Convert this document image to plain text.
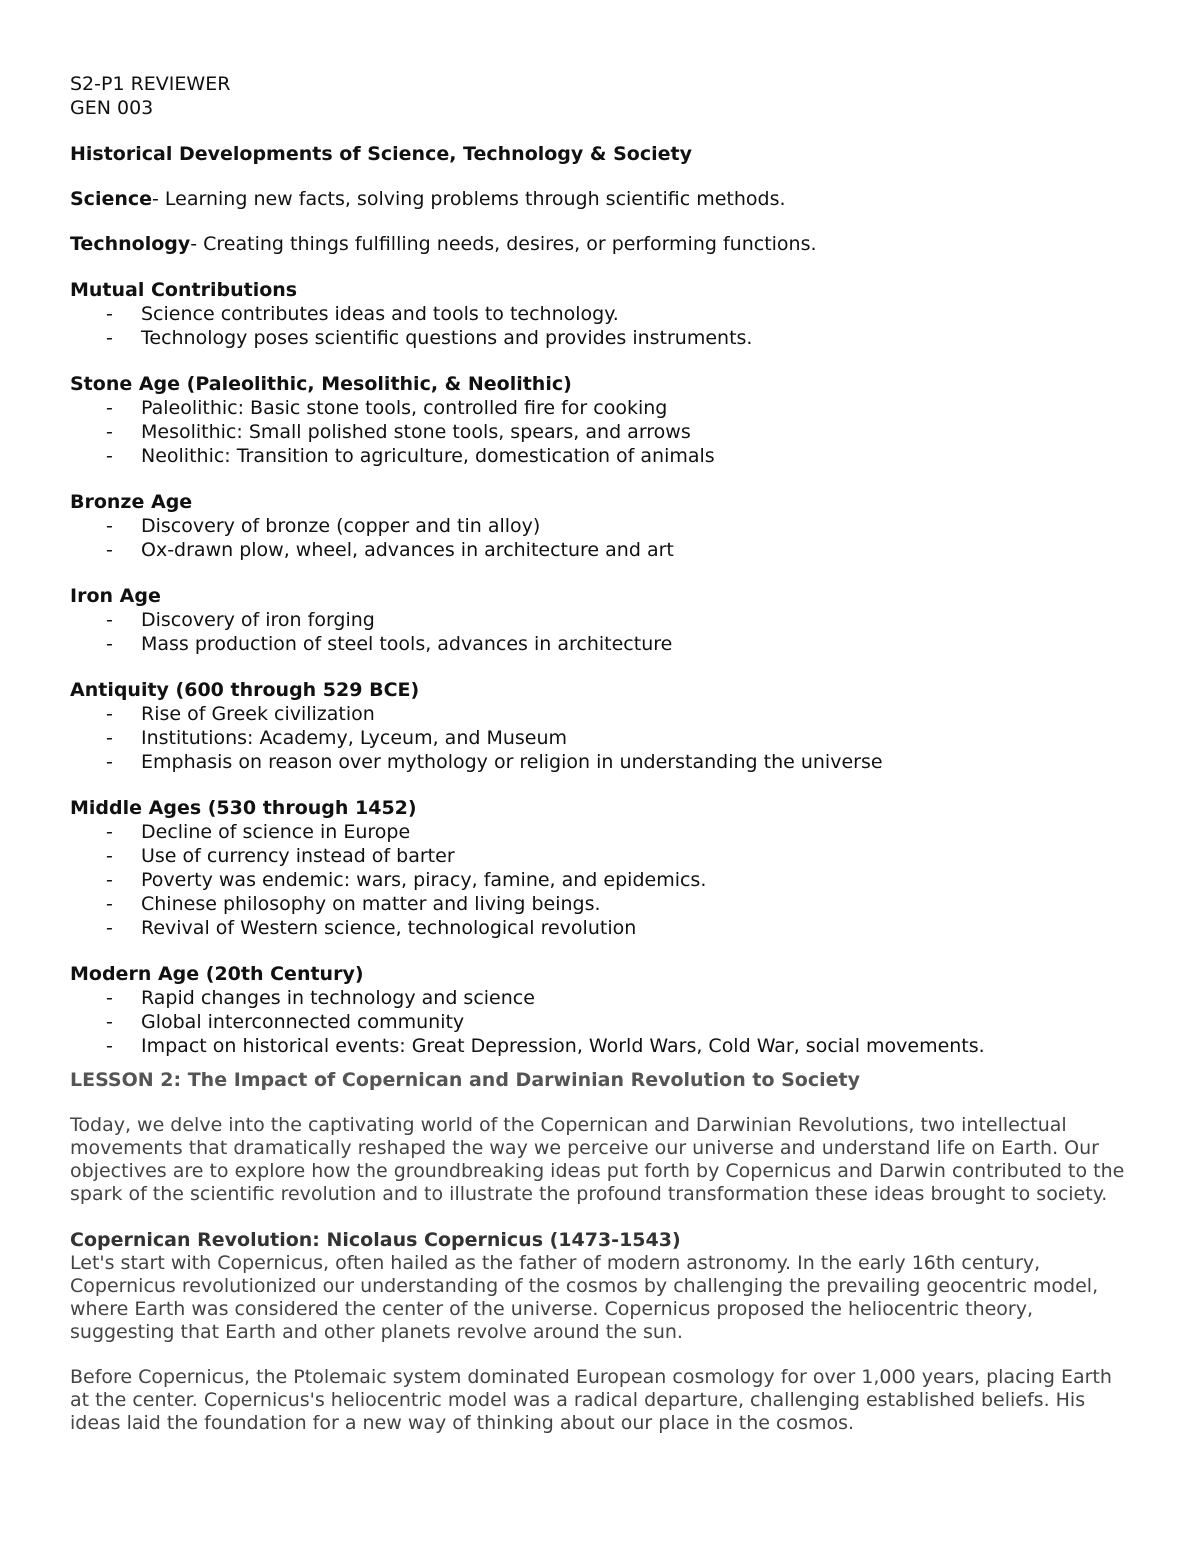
S2-P1 REVIEWER

GEN 003

Historical Developments of Science, Technology & Society

Science- Learning new facts, solving problems through scientific methods.

Technology- Creating things fulfilling needs, desires, or performing functions.

Mutual Contributions

- Science contributes ideas and tools to technology.
- Technology poses scientific questions and provides instruments.

Stone Age (Paleolithic, Mesolithic, & Neolithic)

- Paleolithic: Basic stone tools, controlled fire for cooking
- Mesolithic: Small polished stone tools, spears, and arrows
- Neolithic: Transition to agriculture, domestication of animals

Bronze Age

- Discovery of bronze (copper and tin alloy)
- Ox-drawn plow, wheel, advances in architecture and art

Iron Age

- Discovery of iron forging
- Mass production of steel tools, advances in architecture

Antiquity (600 through 529 BCE)

- Rise of Greek civilization
- Institutions: Academy, Lyceum, and Museum
- Emphasis on reason over mythology or religion in understanding the universe

Middle Ages (530 through 1452)

- Decline of science in Europe
- Use of currency instead of barter
- Poverty was endemic: wars, piracy, famine, and epidemics.
- Chinese philosophy on matter and living beings.
- Revival of Western science, technological revolution

Modern Age (20th Century)

- Rapid changes in technology and science
- Global interconnected community
- Impact on historical events: Great Depression, World Wars, Cold War, social movements.

LESSON 2: The Impact of Copernican and Darwinian Revolution to Society

Today, we delve into the captivating world of the Copernican and Darwinian Revolutions, two intellectual movements that dramatically reshaped the way we perceive our universe and understand life on Earth. Our objectives are to explore how the groundbreaking ideas put forth by Copernicus and Darwin contributed to the spark of the scientific revolution and to illustrate the profound transformation these ideas brought to society.

Copernican Revolution: Nicolaus Copernicus (1473-1543)

Let's start with Copernicus, often hailed as the father of modern astronomy. In the early 16th century, Copernicus revolutionized our understanding of the cosmos by challenging the prevailing geocentric model, where Earth was considered the center of the universe. Copernicus proposed the heliocentric theory, suggesting that Earth and other planets revolve around the sun.

Before Copernicus, the Ptolemaic system dominated European cosmology for over 1,000 years, placing Earth at the center. Copernicus's heliocentric model was a radical departure, challenging established beliefs. His ideas laid the foundation for a new way of thinking about our place in the cosmos.
